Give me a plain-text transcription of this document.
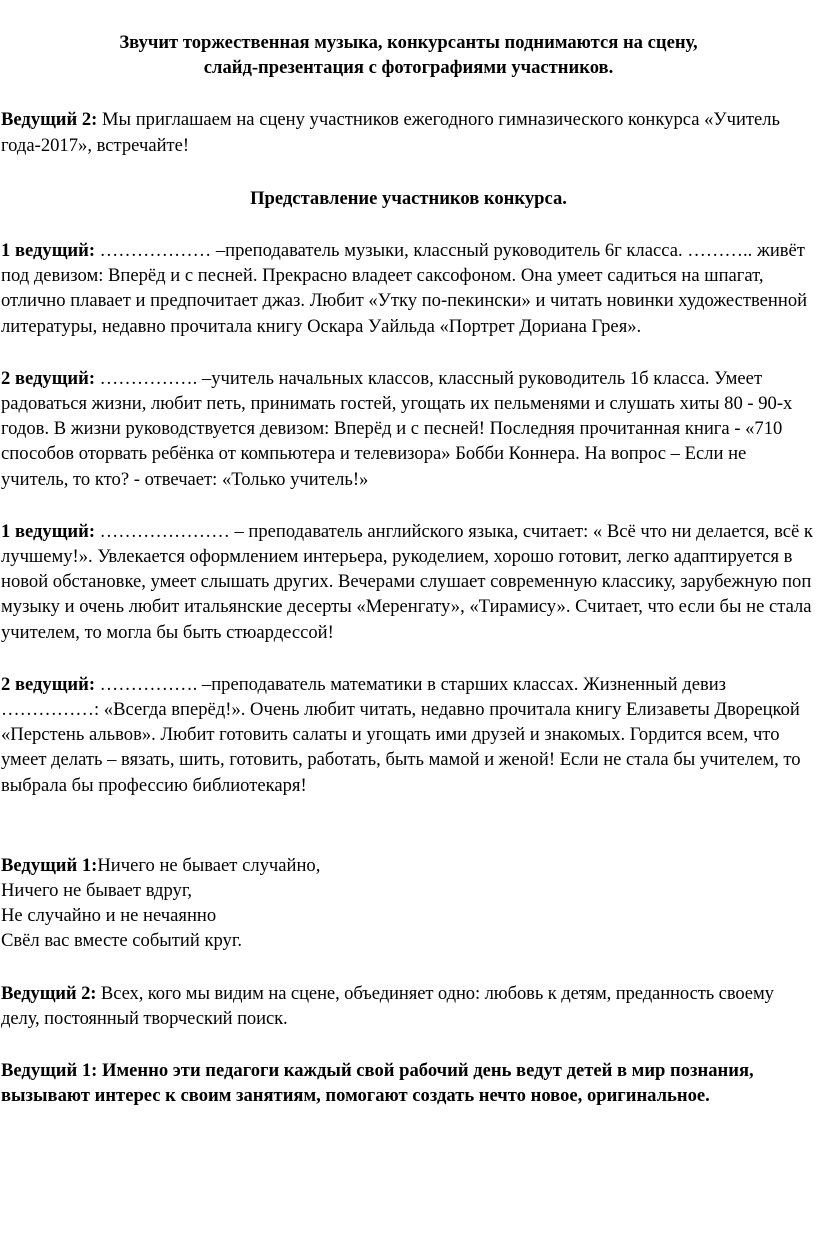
Звучит торжественная музыка, конкурсанты поднимаются на сцену,
слайд-презентация с фотографиями участников.

Ведущий 2: Мы приглашаем на сцену участников ежегодного гимназического конкурса «Учитель года-2017», встречайте!

Представление участников конкурса.

1 ведущий: ……………… –преподаватель музыки, классный руководитель 6г класса. ……….. живёт под девизом: Вперёд и с песней. Прекрасно владеет саксофоном. Она умеет садиться на шпагат, отлично плавает и предпочитает джаз. Любит «Утку по-пекински» и читать новинки художественной литературы, недавно прочитала книгу Оскара Уайльда «Портрет Дориана Грея».

2 ведущий: ……………. –учитель начальных классов, классный руководитель 1б класса. Умеет радоваться жизни, любит петь, принимать гостей, угощать их пельменями и слушать хиты 80 - 90-х годов. В жизни руководствуется девизом: Вперёд и с песней! Последняя прочитанная книга - «710 способов оторвать ребёнка от компьютера и телевизора» Бобби Коннера. На вопрос – Если не учитель, то кто? - отвечает: «Только учитель!»

1 ведущий: ………………… – преподаватель английского языка, считает: « Всё что ни делается, всё к лучшему!». Увлекается оформлением интерьера, рукоделием, хорошо готовит, легко адаптируется в новой обстановке, умеет слышать других. Вечерами слушает современную классику, зарубежную поп музыку и очень любит итальянские десерты «Меренгату», «Тирамису». Считает, что если бы не стала учителем, то могла бы быть стюардессой!

2 ведущий: ……………. –преподаватель математики в старших классах. Жизненный девиз ……………: «Всегда вперёд!». Очень любит читать, недавно прочитала книгу Елизаветы Дворецкой «Перстень альвов». Любит готовить салаты и угощать ими друзей и знакомых. Гордится всем, что умеет делать – вязать, шить, готовить, работать, быть мамой и женой! Если не стала бы учителем, то выбрала бы профессию библиотекаря!

Ведущий 1:Ничего не бывает случайно,
Ничего не бывает вдруг,
Не случайно и не нечаянно
Свёл вас вместе событий круг.

Ведущий 2: Всех, кого мы видим на сцене, объединяет одно: любовь к детям, преданность своему делу, постоянный творческий поиск.

Ведущий 1: Именно эти педагоги каждый свой рабочий день ведут детей в мир познания, вызывают интерес к своим занятиям, помогают создать нечто новое, оригинальное.
